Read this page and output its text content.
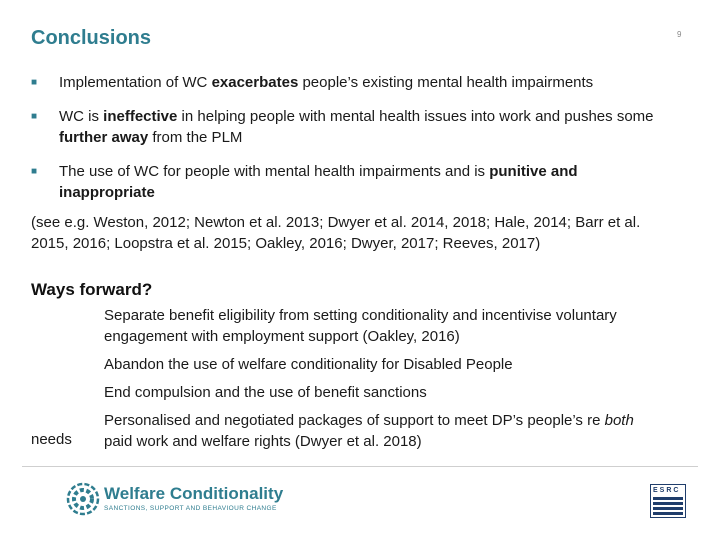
Conclusions	9
■ Implementation of WC exacerbates people’s existing mental health impairments
■ WC is ineffective in helping people with mental health issues into work and pushes some further away from the PLM
■ The use of WC for people with mental health impairments and is punitive and inappropriate
(see e.g. Weston, 2012; Newton et al. 2013; Dwyer et al. 2014, 2018; Hale, 2014; Barr et al. 2015, 2016; Loopstra et al. 2015; Oakley, 2016; Dwyer, 2017; Reeves, 2017)
Ways forward?
Separate benefit eligibility from setting conditionality and incentivise voluntary engagement with employment support (Oakley, 2016)
Abandon the use of welfare conditionality for Disabled People
End compulsion and the use of benefit sanctions
Personalised and negotiated packages of support to meet DP’s people’s re both paid work and welfare rights (Dwyer et al. 2018)
needs
Welfare Conditionality
SANCTIONS, SUPPORT AND BEHAVIOUR CHANGE
ESRC
